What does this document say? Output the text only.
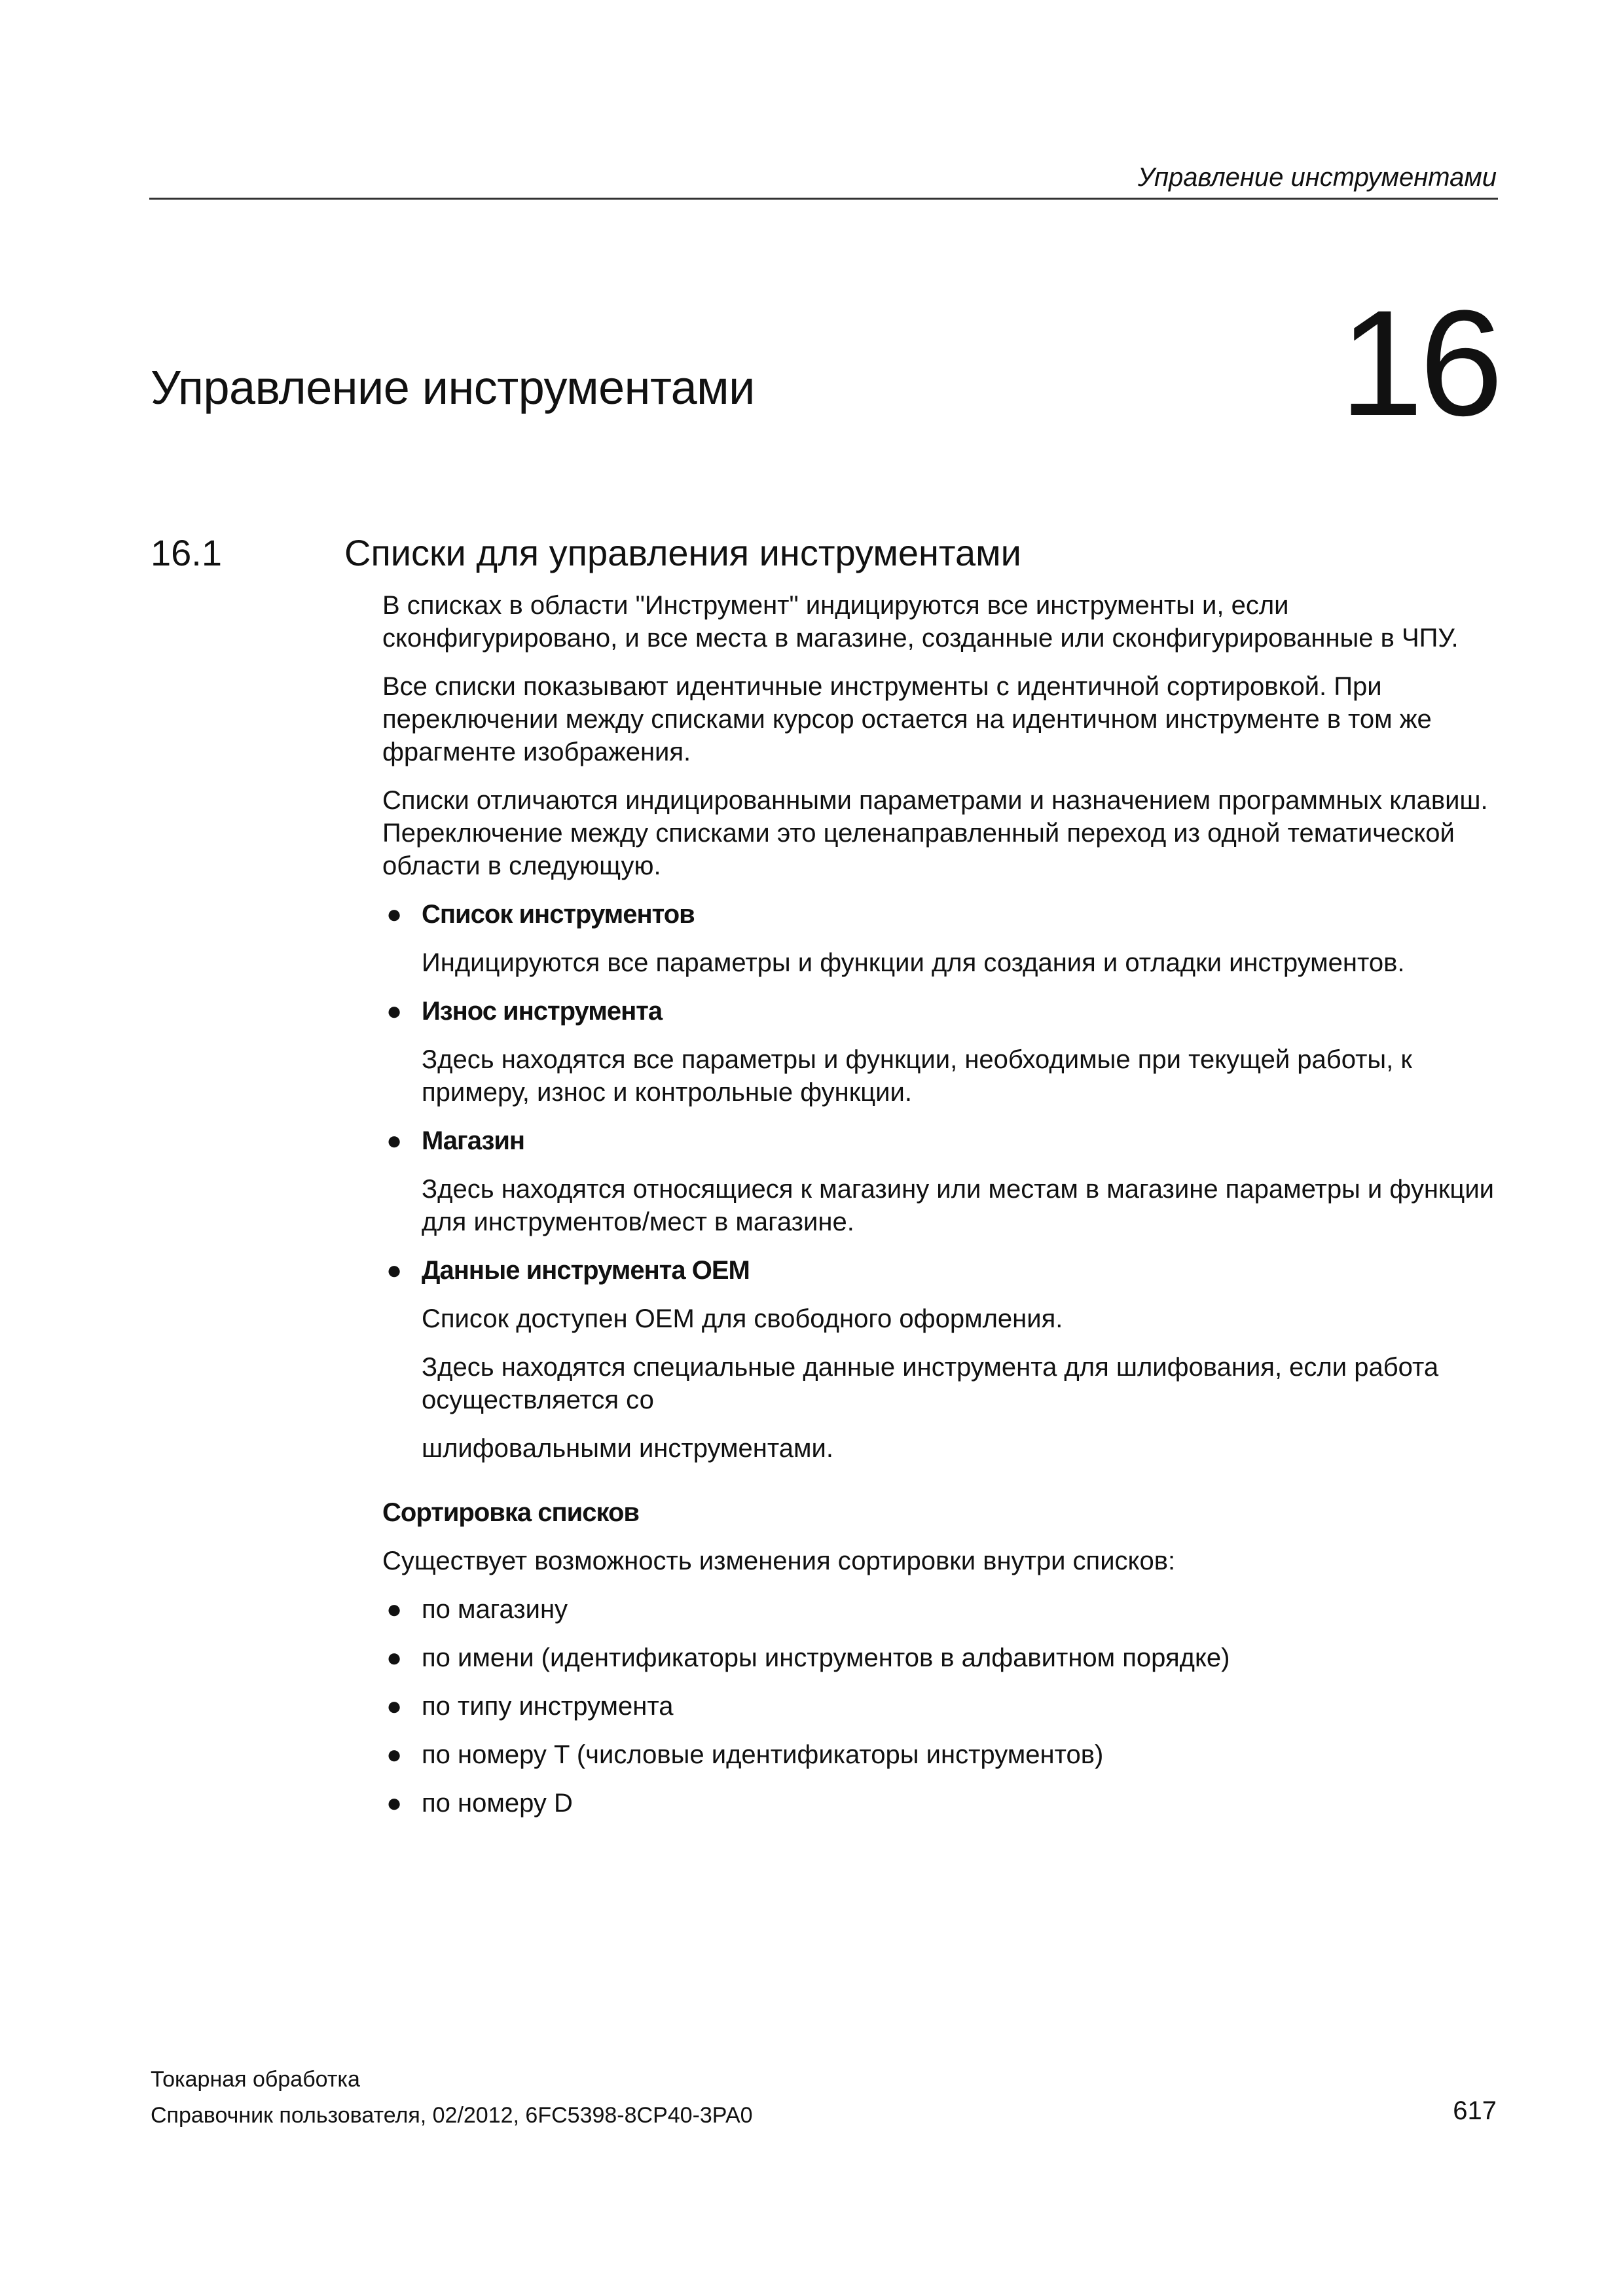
Управление инструментами
Управление инструментами	16
16.1	Списки для управления инструментами

В списках в области "Инструмент" индицируются все инструменты и, если сконфигурировано, и все места в магазине, созданные или сконфигурированные в ЧПУ.

Все списки показывают идентичные инструменты с идентичной сортировкой. При переключении между списками курсор остается на идентичном инструменте в том же фрагменте изображения.

Списки отличаются индицированными параметрами и назначением программных клавиш. Переключение между списками это целенаправленный переход из одной тематической области в следующую.

● Список инструментов

Индицируются все параметры и функции для создания и отладки инструментов.

● Износ инструмента

Здесь находятся все параметры и функции, необходимые при текущей работы, к примеру, износ и контрольные функции.

● Магазин

Здесь находятся относящиеся к магазину или местам в магазине параметры и функции для инструментов/мест в магазине.

● Данные инструмента OEM

Список доступен OEM для свободного оформления.

Здесь находятся специальные данные инструмента для шлифования, если работа осуществляется со

шлифовальными инструментами.

Сортировка списков

Существует возможность изменения сортировки внутри списков:

● по магазину
● по имени (идентификаторы инструментов в алфавитном порядке)
● по типу инструмента
● по номеру T (числовые идентификаторы инструментов)
● по номеру D
Токарная обработка
Справочник пользователя, 02/2012, 6FC5398-8CP40-3PA0	617
